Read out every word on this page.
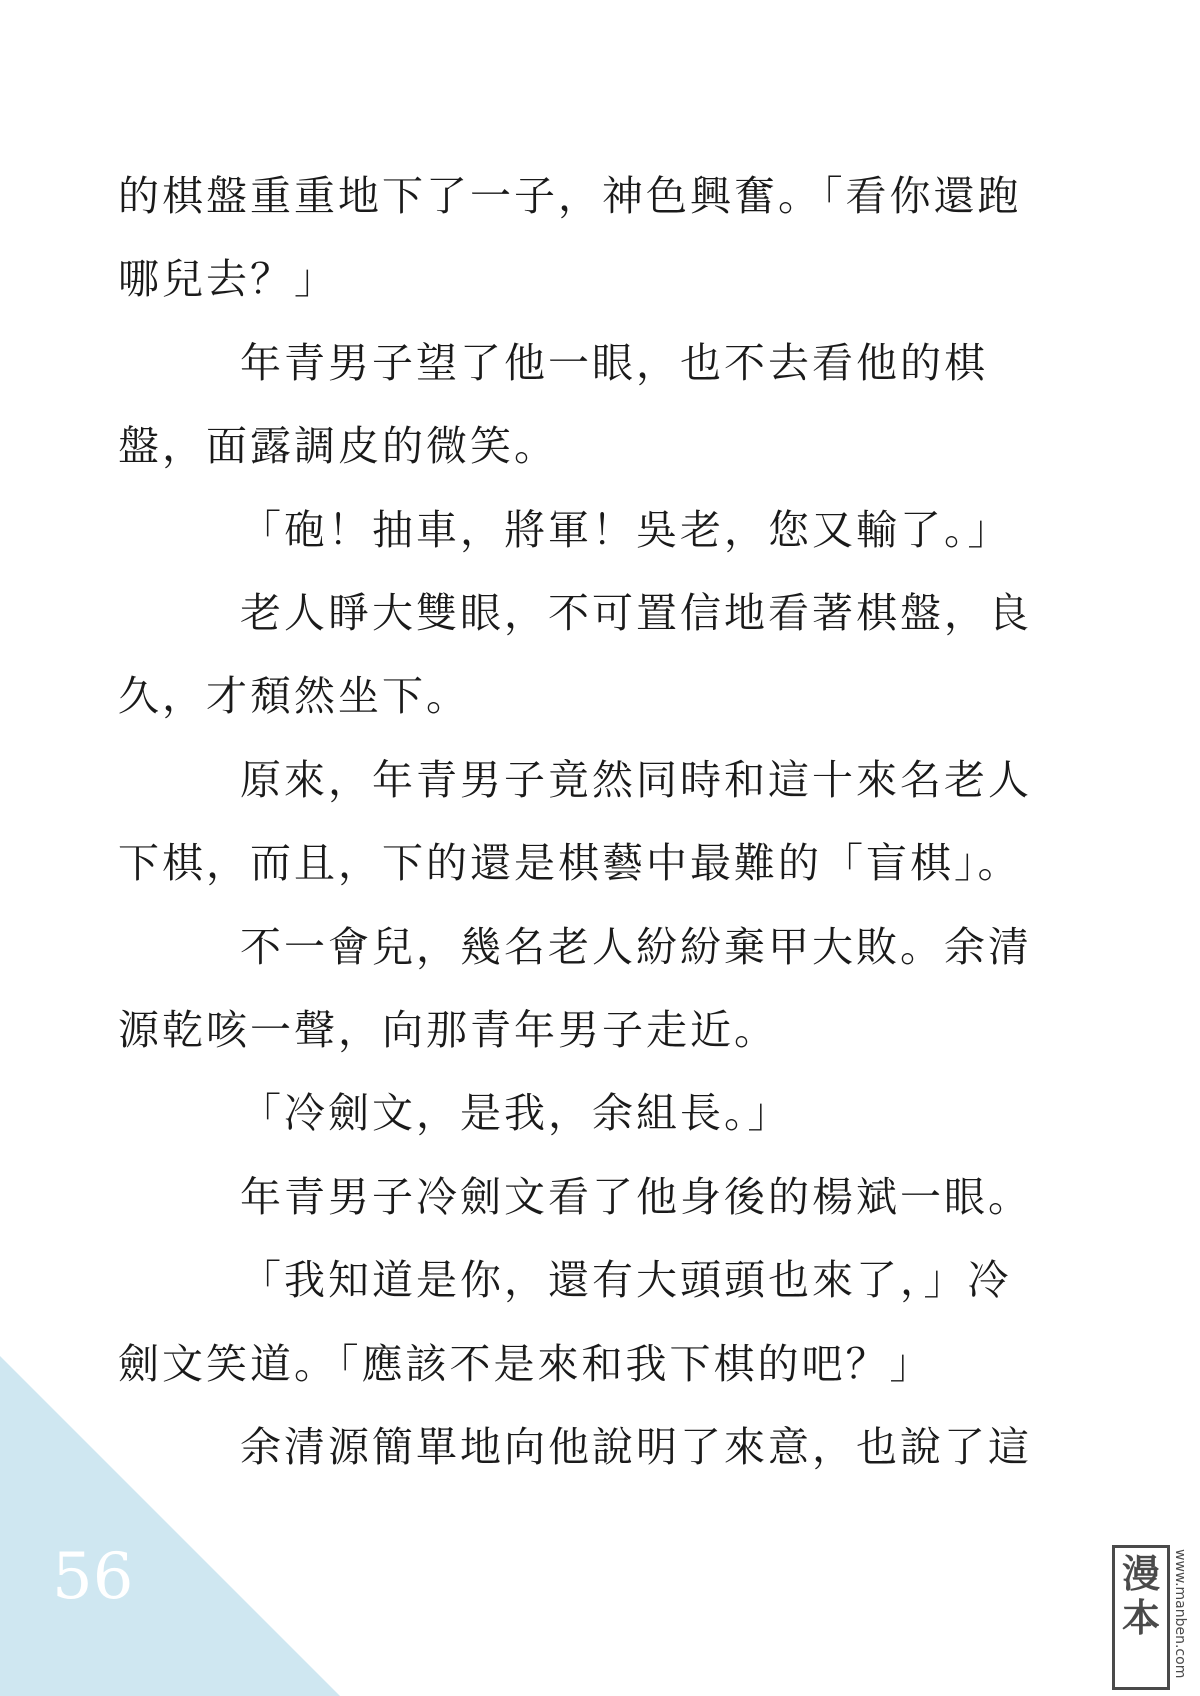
56
的棋盤重重地下了一子，神色興奮。「看你還跑
哪兒去？」
年青男子望了他一眼，也不去看他的棋
盤，面露調皮的微笑。
「砲！抽車，將軍！吳老，您又輸了。」
老人睜大雙眼，不可置信地看著棋盤，良
久，才頹然坐下。
原來，年青男子竟然同時和這十來名老人
下棋，而且，下的還是棋藝中最難的「盲棋」。
不一會兒，幾名老人紛紛棄甲大敗。余清
源乾咳一聲，向那青年男子走近。
「冷劍文，是我，余組長。」
年青男子冷劍文看了他身後的楊斌一眼。
「我知道是你，還有大頭頭也來了，」冷
劍文笑道。「應該不是來和我下棋的吧？」
余清源簡單地向他說明了來意，也說了這
漫本 www.manben.com
